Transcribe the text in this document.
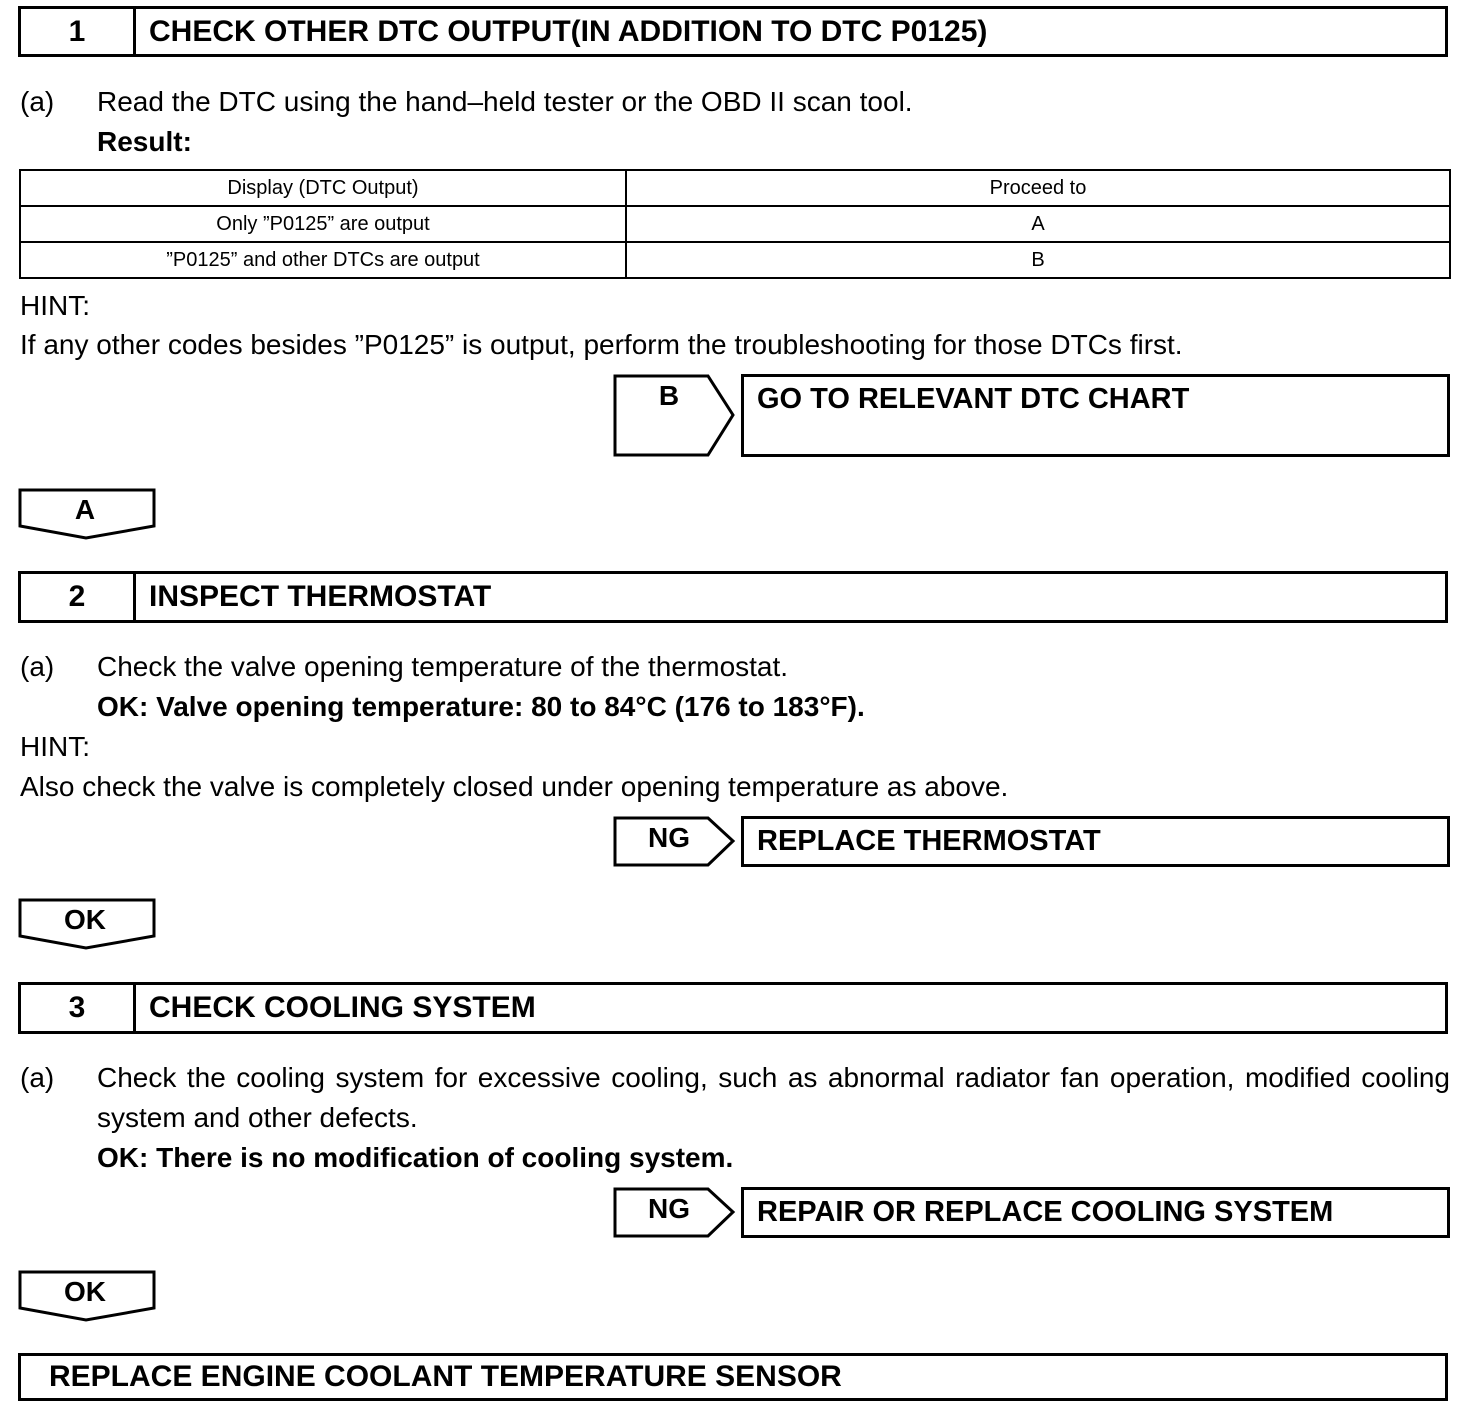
1	CHECK OTHER DTC OUTPUT(IN ADDITION TO DTC P0125)
(a) Read the DTC using the hand–held tester or the OBD II scan tool.
Result:
Display (DTC Output)	Proceed to
Only ”P0125” are output	A
”P0125” and other DTCs are output	B
HINT:
If any other codes besides ”P0125” is output, perform the troubleshooting for those DTCs first.
B	GO TO RELEVANT DTC CHART
A
2	INSPECT THERMOSTAT
(a) Check the valve opening temperature of the thermostat.
OK: Valve opening temperature: 80 to 84°C (176 to 183°F).
HINT:
Also check the valve is completely closed under opening temperature as above.
NG	REPLACE THERMOSTAT
OK
3	CHECK COOLING SYSTEM
(a) Check the cooling system for excessive cooling, such as abnormal radiator fan operation, modified cooling system and other defects.
OK: There is no modification of cooling system.
NG	REPAIR OR REPLACE COOLING SYSTEM
OK
REPLACE ENGINE COOLANT TEMPERATURE SENSOR
